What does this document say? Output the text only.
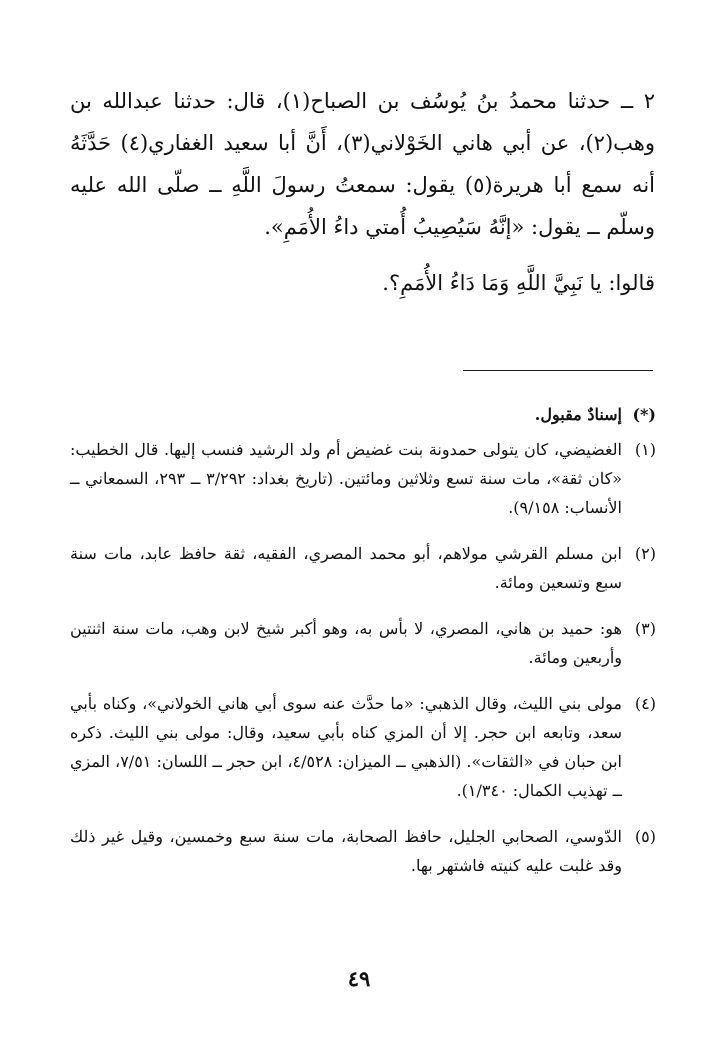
٢ ــ حدثنا محمدُ بنُ يُوسُف بن الصباح(١)، قال: حدثنا عبدالله بن وهب(٢)، عن أبي هاني الخَوْلاني(٣)، أَنَّ أبا سعيد الغفاري(٤) حَدَّثَهُ أنه سمع أبا هريرة(٥) يقول: سمعتُ رسولَ اللَّهِ ــ صلّى الله عليه وسلّم ــ يقول: «إنَّهُ سَيُصِيبُ أُمتي داءُ الأُمَمِ».

قالوا: يا نَبِيَّ اللَّهِ وَمَا دَاءُ الأُمَمِ؟.

(*)
إسنادٌ مقبول.
(١)
الغضيضي، كان يتولى حمدونة بنت غضيض أم ولد الرشيد فنسب إليها. قال الخطيب: «كان ثقة»، مات سنة تسع وثلاثين ومائتين. (تاريخ بغداد: ٣/٢٩٢ ــ ٢٩٣، السمعاني ــ الأنساب: ٩/١٥٨).
(٢)
ابن مسلم القرشي مولاهم، أبو محمد المصري، الفقيه، ثقة حافظ عابد، مات سنة سبع وتسعين ومائة.
(٣)
هو: حميد بن هاني، المصري، لا بأس به، وهو أكبر شيخ لابن وهب، مات سنة اثنتين وأربعين ومائة.
(٤)
مولى بني الليث، وقال الذهبي: «ما حدَّث عنه سوى أبي هاني الخولاني»، وكناه بأبي سعد، وتابعه ابن حجر. إلا أن المزي كناه بأبي سعيد، وقال: مولى بني الليث. ذكره ابن حبان في «الثقات». (الذهبي ــ الميزان: ٤/٥٢٨، ابن حجر ــ اللسان: ٧/٥١، المزي ــ تهذيب الكمال: ١/٣٤٠).
(٥)
الدّوسي، الصحابي الجليل، حافظ الصحابة، مات سنة سبع وخمسين، وقيل غير ذلك وقد غلبت عليه كنيته فاشتهر بها.
٤٩
